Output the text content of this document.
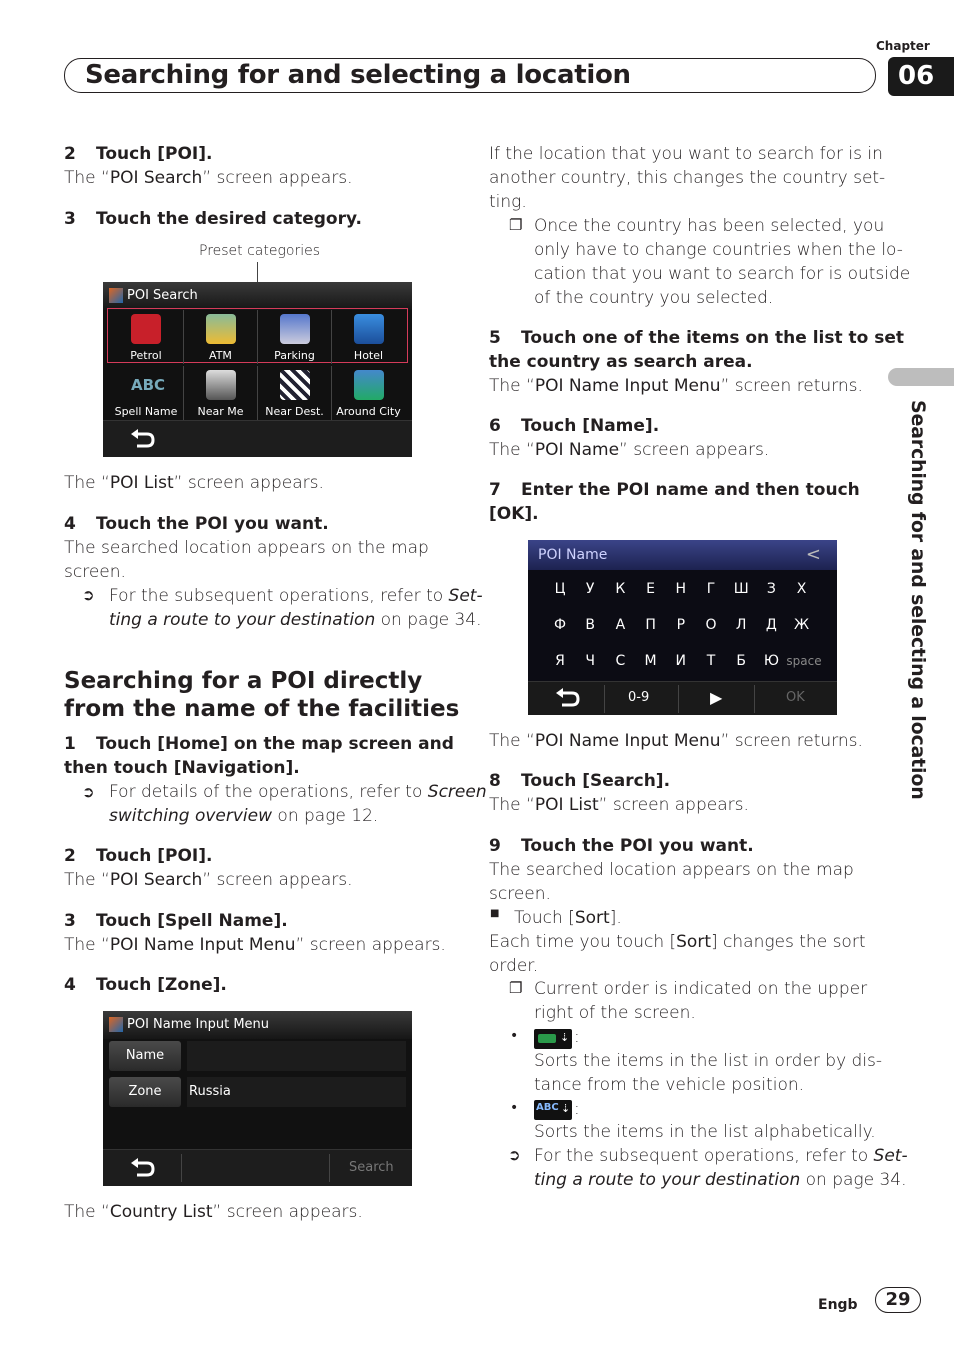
Chapter
06
Searching for and selecting a location
Searching for and selecting a location
2 Touch [POI].
The “POI Search” screen appears.
3 Touch the desired category.
Preset categories
POI Search
Petrol	ATM	Parking	Hotel
ABC
Spell Name	Near Me	Near Dest.	Around City
The “POI List” screen appears.
4 Touch the POI you want.
The searched location appears on the map
screen.
➲ For the subsequent operations, refer to Set-
ting a route to your destination on page 34.
Searching for a POI directly
from the name of the facilities
1 Touch [Home] on the map screen and
then touch [Navigation].
➲ For details of the operations, refer to Screen
switching overview on page 12.
2 Touch [POI].
The “POI Search” screen appears.
3 Touch [Spell Name].
The “POI Name Input Menu” screen appears.
4 Touch [Zone].
POI Name Input Menu
Name
Zone	Russia
Search
The “Country List” screen appears.
If the location that you want to search for is in
another country, this changes the country set-
ting.
❐ Once the country has been selected, you
only have to change countries when the lo-
cation that you want to search for is outside
of the country you selected.
5 Touch one of the items on the list to set
the country as search area.
The “POI Name Input Menu” screen returns.
6 Touch [Name].
The “POI Name” screen appears.
7 Enter the POI name and then touch
[OK].
POI Name	<
Ц	У	К	Е	Н	Г	Ш	З	Х
Ф	В	А	П	Р	О	Л	Д	Ж
Я	Ч	С	М	И	Т	Б	Ю space
0-9	▶	OK
The “POI Name Input Menu” screen returns.
8 Touch [Search].
The “POI List” screen appears.
9 Touch the POI you want.
The searched location appears on the map
screen.
■ Touch [Sort].
Each time you touch [Sort] changes the sort
order.
❐ Current order is indicated on the upper
right of the screen.
•	⇣ :
Sorts the items in the list in order by dis-
tance from the vehicle position.
• ABC ⇣ :
Sorts the items in the list alphabetically.
➲ For the subsequent operations, refer to Set-
ting a route to your destination on page 34.
Engb	29
